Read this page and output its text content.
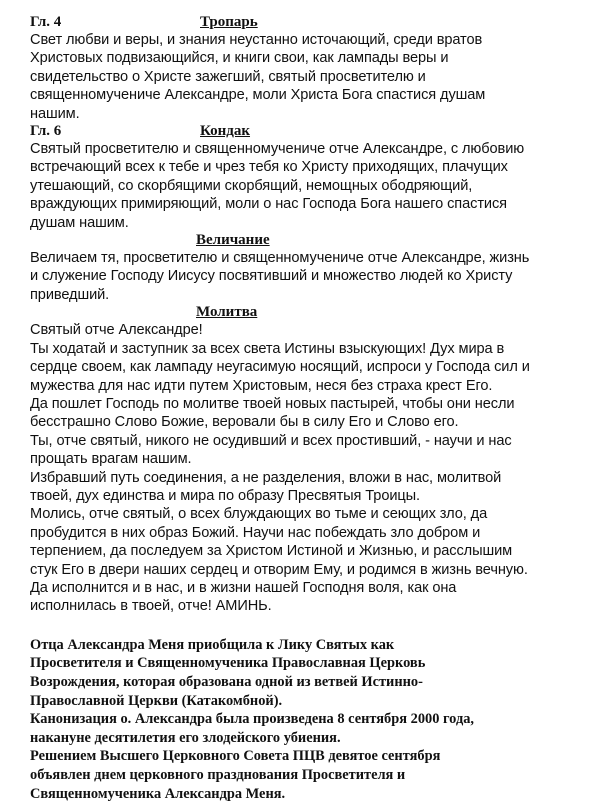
Гл. 4	Тропарь

Свет любви и веры, и знания неустанно источающий, среди вратов
Христовых подвизающийся, и книги свои, как лампады веры и
свидетельство о Христе зажегший, святый просветителю и
священномучениче Александре, моли Христа Бога спастися душам
нашим.

Гл. 6	Кондак

Святый просветителю и священномучениче отче Александре, с любовию
встречающий всех к тебе и чрез тебя ко Христу приходящих, плачущих
утешающий, со скорбящими скорбящий, немощных ободряющий,
враждующих примиряющий, моли о нас Господа Бога нашего спастися
душам нашим.

Величание

Величаем тя, просветителю и священномучениче отче Александре, жизнь
и служение Господу Иисусу посвятивший и множество людей ко Христу
приведший.

Молитва

Святый отче Александре!
Ты ходатай и заступник за всех света Истины взыскующих! Дух мира в
сердце своем, как лампаду неугасимую носящий, испроси у Господа сил и
мужества для нас идти путем Христовым, неся без страха крест Его.
Да пошлет Господь по молитве твоей новых пастырей, чтобы они несли
бесстрашно Слово Божие, веровали бы в силу Его и Слово его.
Ты, отче святый, никого не осудивший и всех простивший, - научи и нас
прощать врагам нашим.
Избравший путь соединения, а не разделения, вложи в нас, молитвой
твоей, дух единства и мира по образу Пресвятыя Троицы.
Молись, отче святый, о всех блуждающих во тьме и сеющих зло, да
пробудится в них образ Божий. Научи нас побеждать зло добром и
терпением, да последуем за Христом Истиной и Жизнью, и расслышим
стук Его в двери наших сердец и отворим Ему, и родимся в жизнь вечную.
Да исполнится и в нас, и в жизни нашей Господня воля, как она
исполнилась в твоей, отче! АМИНЬ.

Отца Александра Меня приобщила к Лику Святых как
Просветителя и Священномученика Православная Церковь
Возрождения, которая образована одной из ветвей Истинно-
Православной Церкви (Катакомбной).
Канонизация о. Александра была произведена 8 сентября 2000 года,
накануне десятилетия его злодейского убиения.
Решением Высшего Церковного Совета ПЦВ девятое сентября
объявлен днем церковного празднования Просветителя и
Священномученика Александра Меня.
